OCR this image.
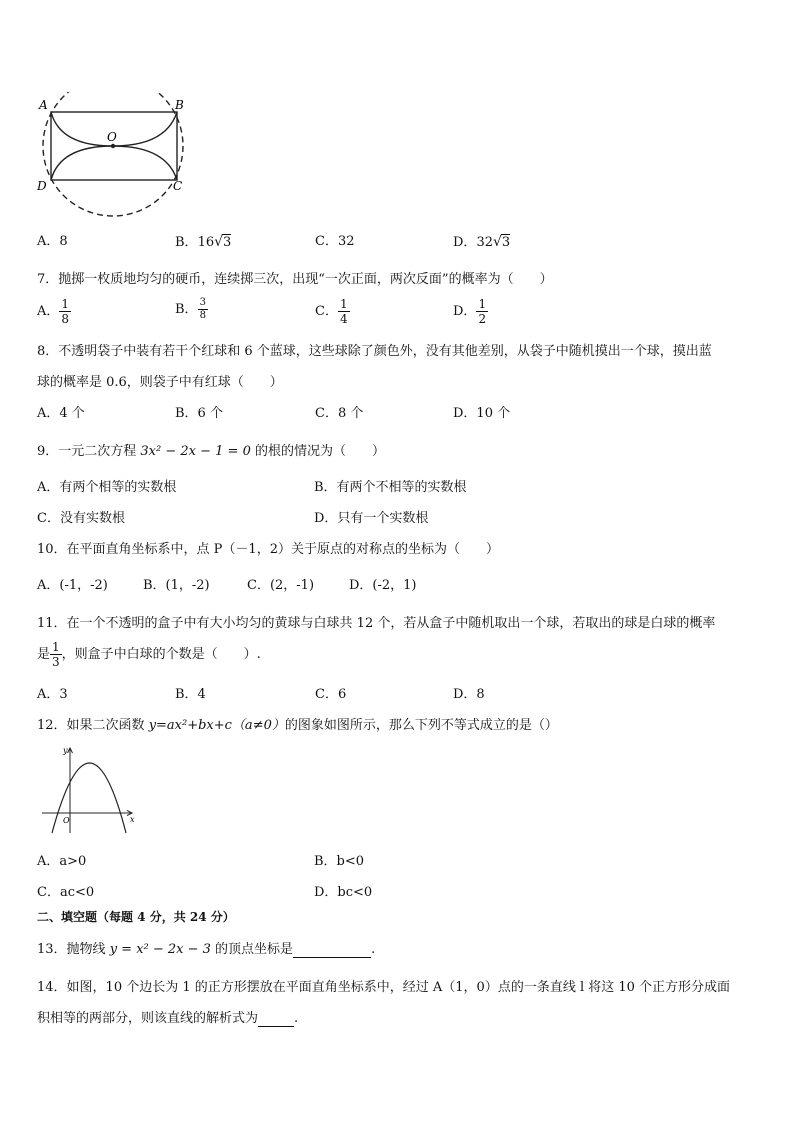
A	B
O
D	C
A．8	B．16√3	C．32	D．32√3
7．抛掷一枚质地均匀的硬币，连续掷三次，出现“一次正面，两次反面”的概率为（　　）
A． $\frac{1}{8}$	B． $\frac{3}{8}$	C． $\frac{1}{4}$	D． $\frac{1}{2}$
8．不透明袋子中装有若干个红球和 6 个蓝球，这些球除了颜色外，没有其他差别，从袋子中随机摸出一个球，摸出蓝
球的概率是 0.6，则袋子中有红球（　　）
A．4 个	B．6 个	C．8 个	D．10 个
9．一元二次方程 3x² − 2x − 1 = 0 的根的情况为（　　）
A．有两个相等的实数根	B．有两个不相等的实数根
C．没有实数根	D．只有一个实数根
10．在平面直角坐标系中，点 P（－1，2）关于原点的对称点的坐标为（　　）
A．(-1，-2)	B．(1，-2)	C．(2，-1)	D．(-2，1)
11．在一个不透明的盒子中有大小均匀的黄球与白球共 12 个，若从盒子中随机取出一个球，若取出的球是白球的概率
是 $\frac{1}{3}$ ，则盒子中白球的个数是（　　）.
A．3	B．4	C．6	D．8
12．如果二次函数 y=ax²+bx+c（a≠0）的图象如图所示，那么下列不等式成立的是（）
y
x
O
A．a>0	B．b<0
C．ac<0	D．bc<0
二、填空题（每题 4 分，共 24 分）
13．抛物线 y = x² − 2x − 3 的顶点坐标是	.
14．如图，10 个边长为 1 的正方形摆放在平面直角坐标系中，经过 A（1，0）点的一条直线 l 将这 10 个正方形分成面
积相等的两部分，则该直线的解析式为	.
